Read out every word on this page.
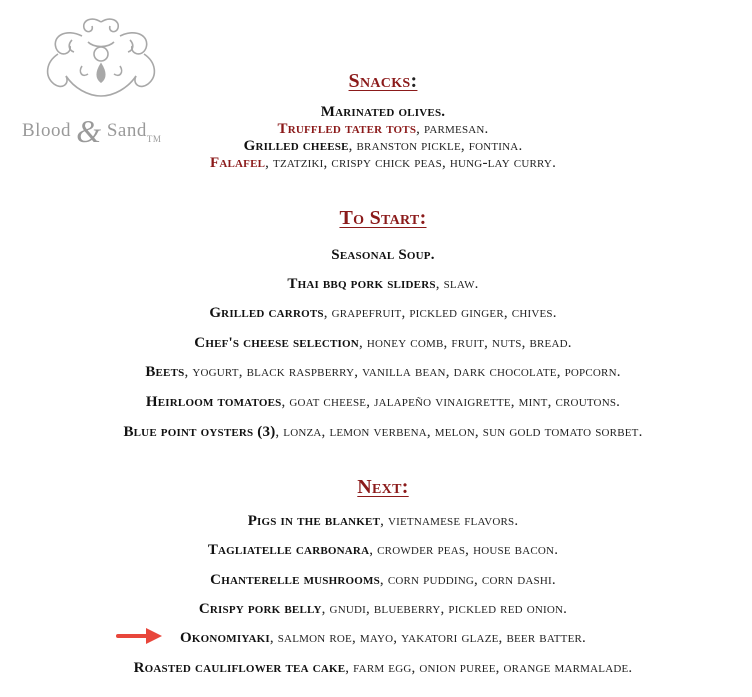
Blood & SandTM
Snacks:
Marinated olives.
Truffled tater tots, parmesan.
Grilled cheese, branston pickle, fontina.
Falafel, tzatziki, crispy chick peas, hung-lay curry.
To Start:
Seasonal Soup.
Thai bbq pork sliders, slaw.
Grilled carrots, grapefruit, pickled ginger, chives.
Chef's cheese selection, honey comb, fruit, nuts, bread.
Beets, yogurt, black raspberry, vanilla bean, dark chocolate, popcorn.
Heirloom tomatoes, goat cheese, jalapeño vinaigrette, mint, croutons.
Blue point oysters (3), lonza, lemon verbena, melon, sun gold tomato sorbet.
Next:
Pigs in the blanket, vietnamese flavors.
Tagliatelle carbonara, crowder peas, house bacon.
Chanterelle mushrooms, corn pudding, corn dashi.
Crispy pork belly, gnudi, blueberry, pickled red onion.
Okonomiyaki, salmon roe, mayo, yakatori glaze, beer batter.
Roasted cauliflower tea cake, farm egg, onion puree, orange marmalade.
